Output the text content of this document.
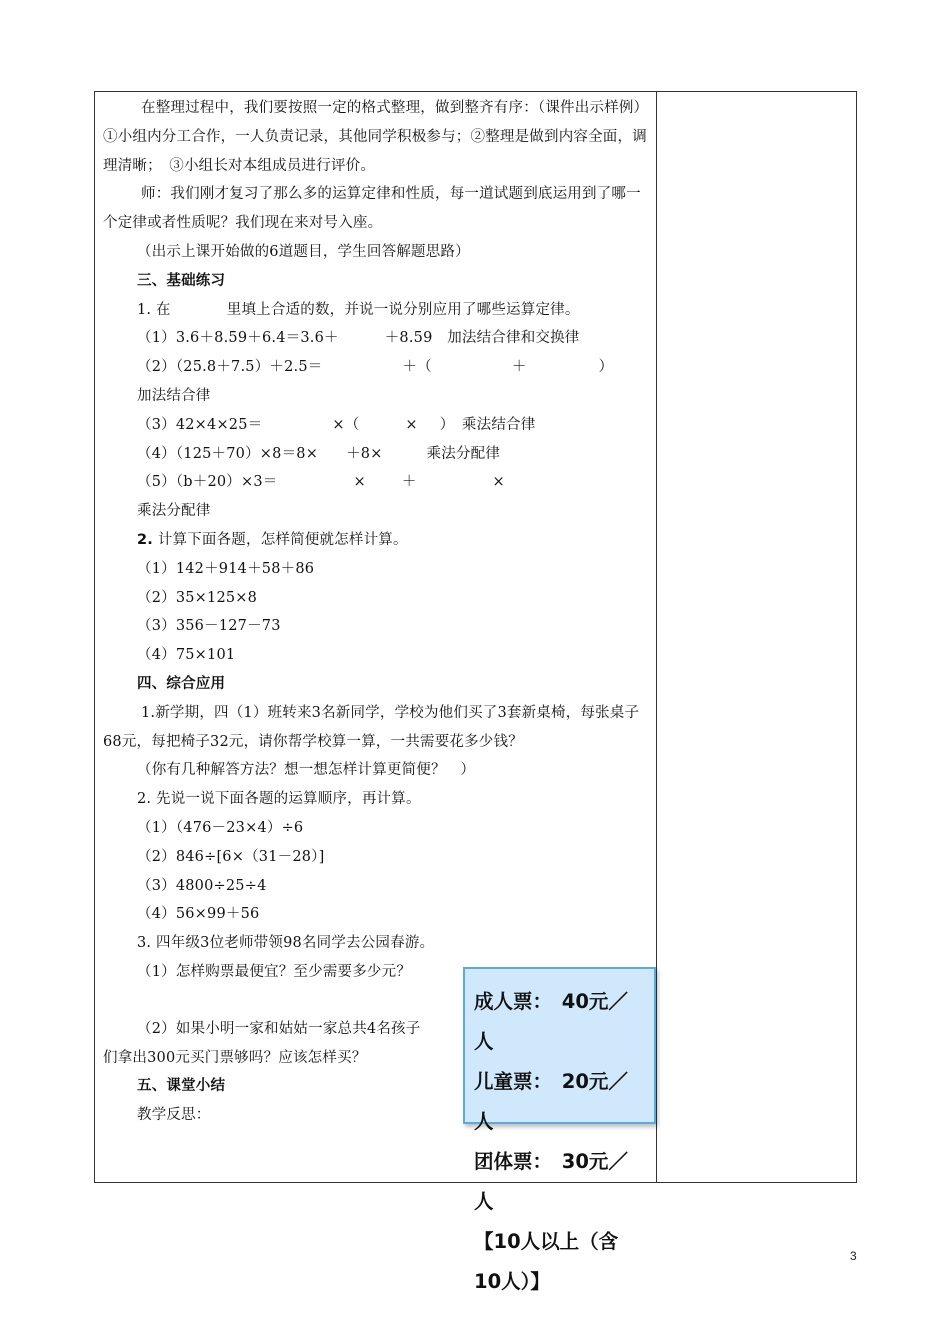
在整理过程中，我们要按照一定的格式整理，做到整齐有序：（课件出示样例）　①小组内分工合作，一人负责记录，其他同学积极参与；②整理是做到内容全面，调理清晰；　③小组长对本组成员进行评价。

师：我们刚才复习了那么多的运算定律和性质，每一道试题到底运用到了哪一个定律或者性质呢？我们现在来对号入座。

（出示上课开始做的6道题目，学生回答解题思路）

三、基础练习

1. 在	里填上合适的数，并说一说分别应用了哪些运算定律。

（1）3.6＋8.59＋6.4＝3.6＋	＋8.59　加法结合律和交换律

（2）（25.8＋7.5）＋2.5＝	＋（	＋	）

加法结合律

（3）42×4×25＝	×（	× ）　乘法结合律

（4）（125＋70）×8＝8× ＋8×	乘法分配律

（5）（b＋20）×3＝	× ＋	×

乘法分配律

2. 计算下面各题，怎样简便就怎样计算。

（1）142＋914＋58＋86

（2）35×125×8

（3）356－127－73

（4）75×101

四、综合应用

1.新学期，四（1）班转来3名新同学，学校为他们买了3套新桌椅，每张桌子68元，每把椅子32元，请你帮学校算一算，一共需要花多少钱？

（你有几种解答方法？想一想怎样计算更简便？　）

2. 先说一说下面各题的运算顺序，再计算。

（1）（476－23×4）÷6

（2）846÷[6×（31－28）]

（3）4800÷25÷4

（4）56×99＋56

3. 四年级3位老师带领98名同学去公园春游。

（1）怎样购票最便宜？至少需要多少元？

（2）如果小明一家和姑姑一家总共4名孩子

们拿出300元买门票够吗？应该怎样买？

五、课堂小结

教学反思：

成人票：　40元／
人
儿童票：　20元／
人
团体票：　30元／
人
【10人以上（含
10人）】
3
